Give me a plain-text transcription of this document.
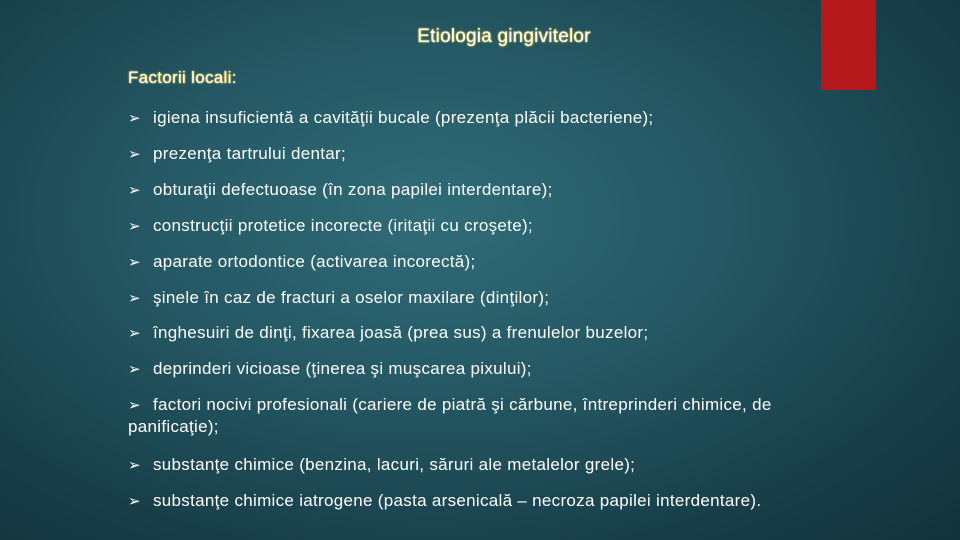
Etiologia gingivitelor
Factorii locali:
➢ igiena insuficientă a cavităţii bucale (prezenţa plăcii bacteriene);
➢ prezenţa tartrului dentar;
➢ obturaţii defectuoase (în zona papilei interdentare);
➢ construcţii protetice incorecte (iritaţii cu croşete);
➢ aparate ortodontice (activarea incorectă);
➢ şinele în caz de fracturi a oselor maxilare (dinţilor);
➢ înghesuiri de dinţi, fixarea joasă (prea sus) a frenulelor buzelor;
➢ deprinderi vicioase (ţinerea şi muşcarea pixului);
➢ factori nocivi profesionali (cariere de piatră şi cărbune, întreprinderi chimice, de panificaţie);
➢ substanţe chimice (benzina, lacuri, săruri ale metalelor grele);
➢ substanţe chimice iatrogene (pasta arsenicală – necroza papilei interdentare).
